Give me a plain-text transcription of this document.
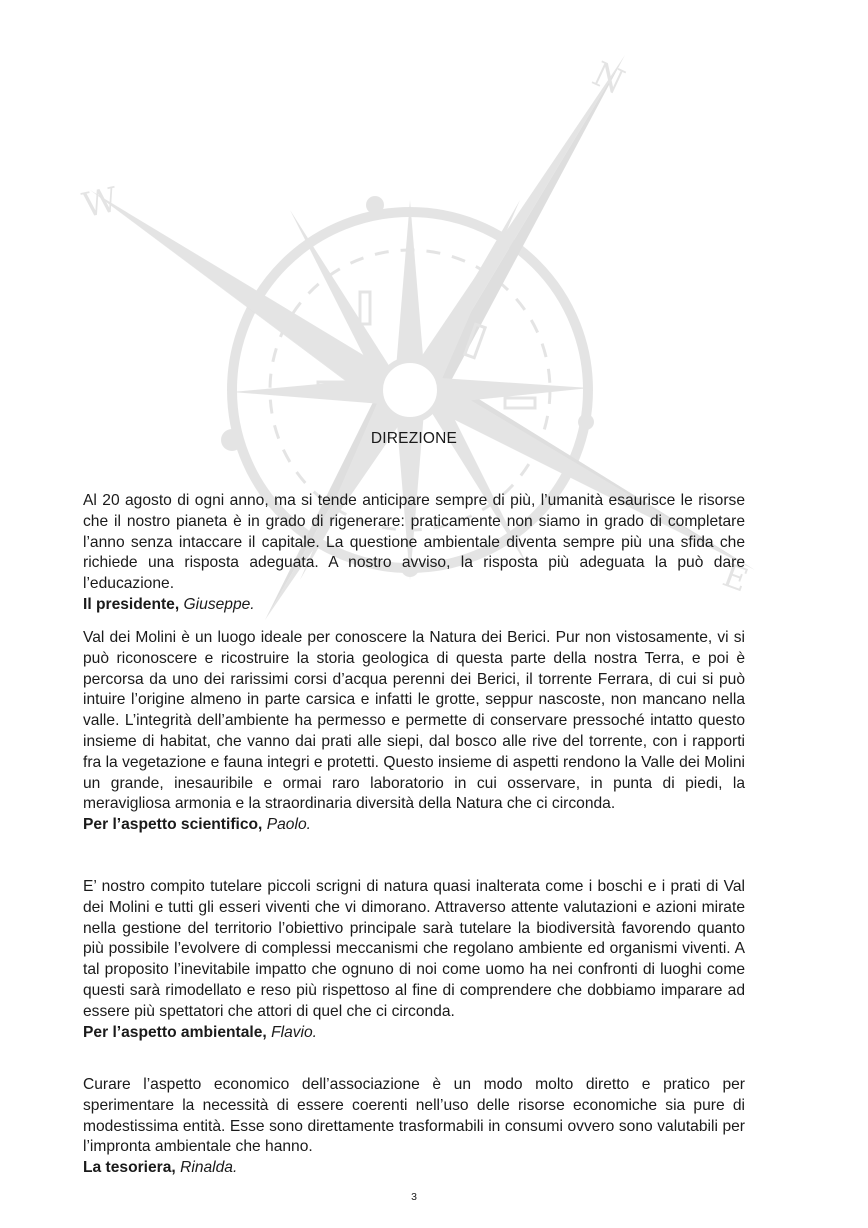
W
N
E
DIREZIONE

Al 20 agosto di ogni anno, ma si tende anticipare sempre di più, l’umanità esaurisce le risorse che il nostro pianeta è in grado di rigenerare: praticamente non siamo in grado di completare l’anno senza intaccare il capitale. La questione ambientale diventa sempre più una sfida che richiede una risposta adeguata. A nostro avviso, la risposta più adeguata la può dare l’educazione.

Il presidente, Giuseppe.

Val dei Molini è un luogo ideale per conoscere la Natura dei Berici. Pur non vistosamente, vi si può riconoscere e ricostruire la storia geologica di questa parte della nostra Terra, e poi è percorsa da uno dei rarissimi corsi d’acqua perenni dei Berici, il torrente Ferrara, di cui si può intuire l’origine almeno in parte carsica e infatti le grotte, seppur nascoste, non mancano nella valle. L’integrità dell’ambiente ha permesso e permette di conservare pressoché intatto questo insieme di habitat, che vanno dai prati alle siepi, dal bosco alle rive del torrente, con i rapporti fra la vegetazione e fauna integri e protetti. Questo insieme di aspetti rendono la Valle dei Molini un grande, inesauribile e ormai raro laboratorio in cui osservare, in punta di piedi, la meravigliosa armonia e la straordinaria diversità della Natura che ci circonda.

Per l’aspetto scientifico, Paolo.

E’ nostro compito tutelare piccoli scrigni di natura quasi inalterata come i boschi e i prati di Val dei Molini e tutti gli esseri viventi che vi dimorano. Attraverso attente valutazioni e azioni mirate nella gestione del territorio l’obiettivo principale sarà tutelare la biodiversità favorendo quanto più possibile l’evolvere di complessi meccanismi che regolano ambiente ed organismi viventi. A tal proposito l’inevitabile impatto che ognuno di noi come uomo ha nei confronti di luoghi come questi sarà rimodellato e reso più rispettoso al fine di comprendere che dobbiamo imparare ad essere più spettatori che attori di quel che ci circonda.

Per l’aspetto ambientale, Flavio.

Curare l’aspetto economico dell’associazione è un modo molto diretto e pratico per sperimentare la necessità di essere coerenti nell’uso delle risorse economiche sia pure di modestissima entità. Esse sono direttamente trasformabili in consumi ovvero sono valutabili per l’impronta ambientale che hanno.

La tesoriera, Rinalda.

3
